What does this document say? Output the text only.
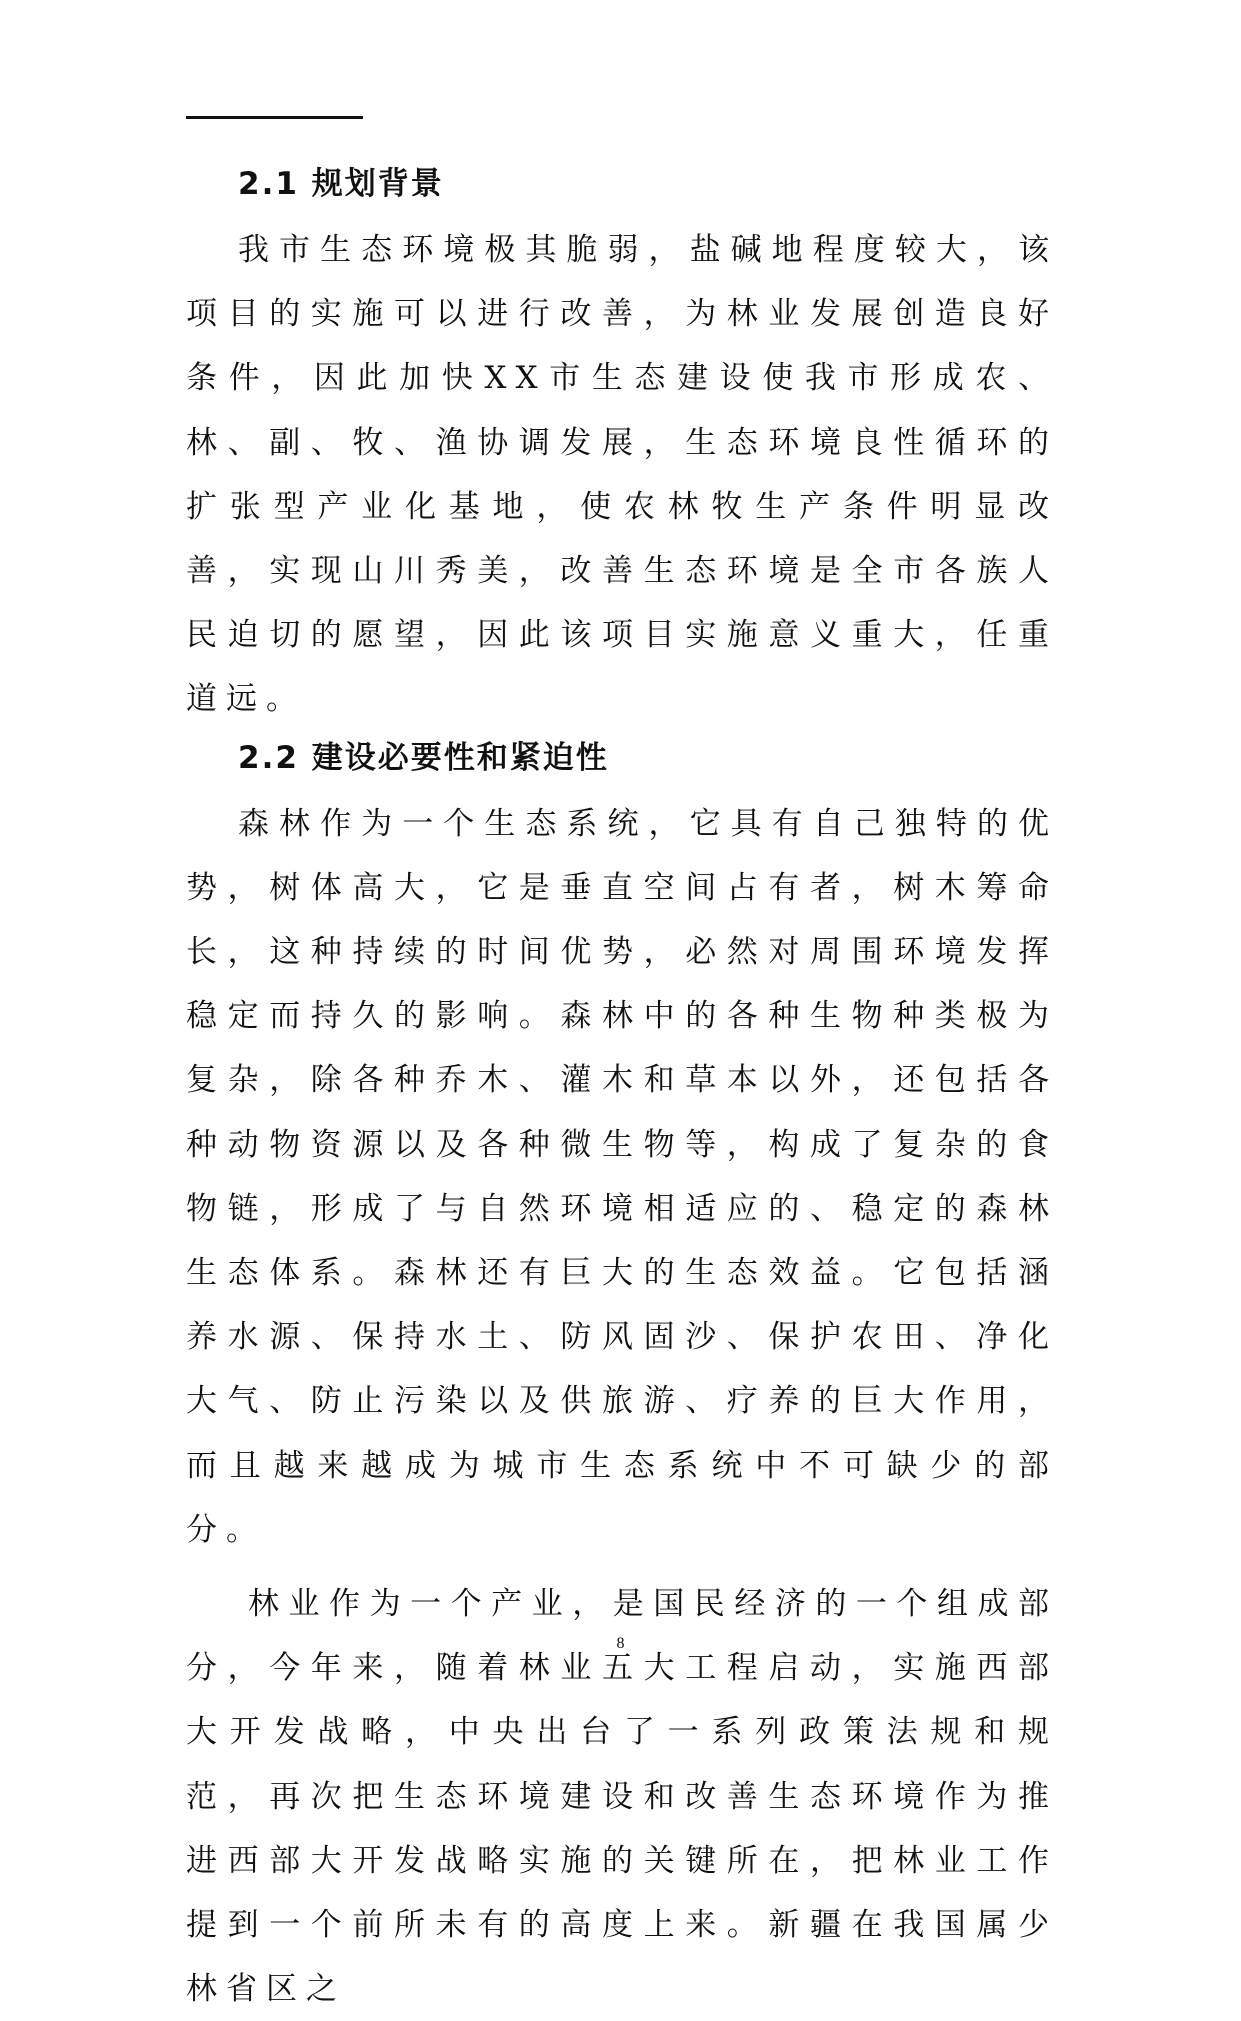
2.1 规划背景

我市生态环境极其脆弱，盐碱地程度较大，该项目的实施可以进行改善，为林业发展创造良好条件，因此加快XX市生态建设使我市形成农、林、副、牧、渔协调发展，生态环境良性循环的扩张型产业化基地，使农林牧生产条件明显改善，实现山川秀美，改善生态环境是全市各族人民迫切的愿望，因此该项目实施意义重大，任重道远。

2.2 建设必要性和紧迫性

森林作为一个生态系统，它具有自己独特的优势，树体高大，它是垂直空间占有者，树木筹命长，这种持续的时间优势，必然对周围环境发挥稳定而持久的影响。森林中的各种生物种类极为复杂，除各种乔木、灌木和草本以外，还包括各种动物资源以及各种微生物等，构成了复杂的食物链，形成了与自然环境相适应的、稳定的森林生态体系。森林还有巨大的生态效益。它包括涵养水源、保持水土、防风固沙、保护农田、净化大气、防止污染以及供旅游、疗养的巨大作用，而且越来越成为城市生态系统中不可缺少的部分。

林业作为一个产业，是国民经济的一个组成部分，今年来，随着林业五大工程启动，实施西部大开发战略，中央出台了一系列政策法规和规范，再次把生态环境建设和改善生态环境作为推进西部大开发战略实施的关键所在，把林业工作提到一个前所未有的高度上来。新疆在我国属少林省区之

8
